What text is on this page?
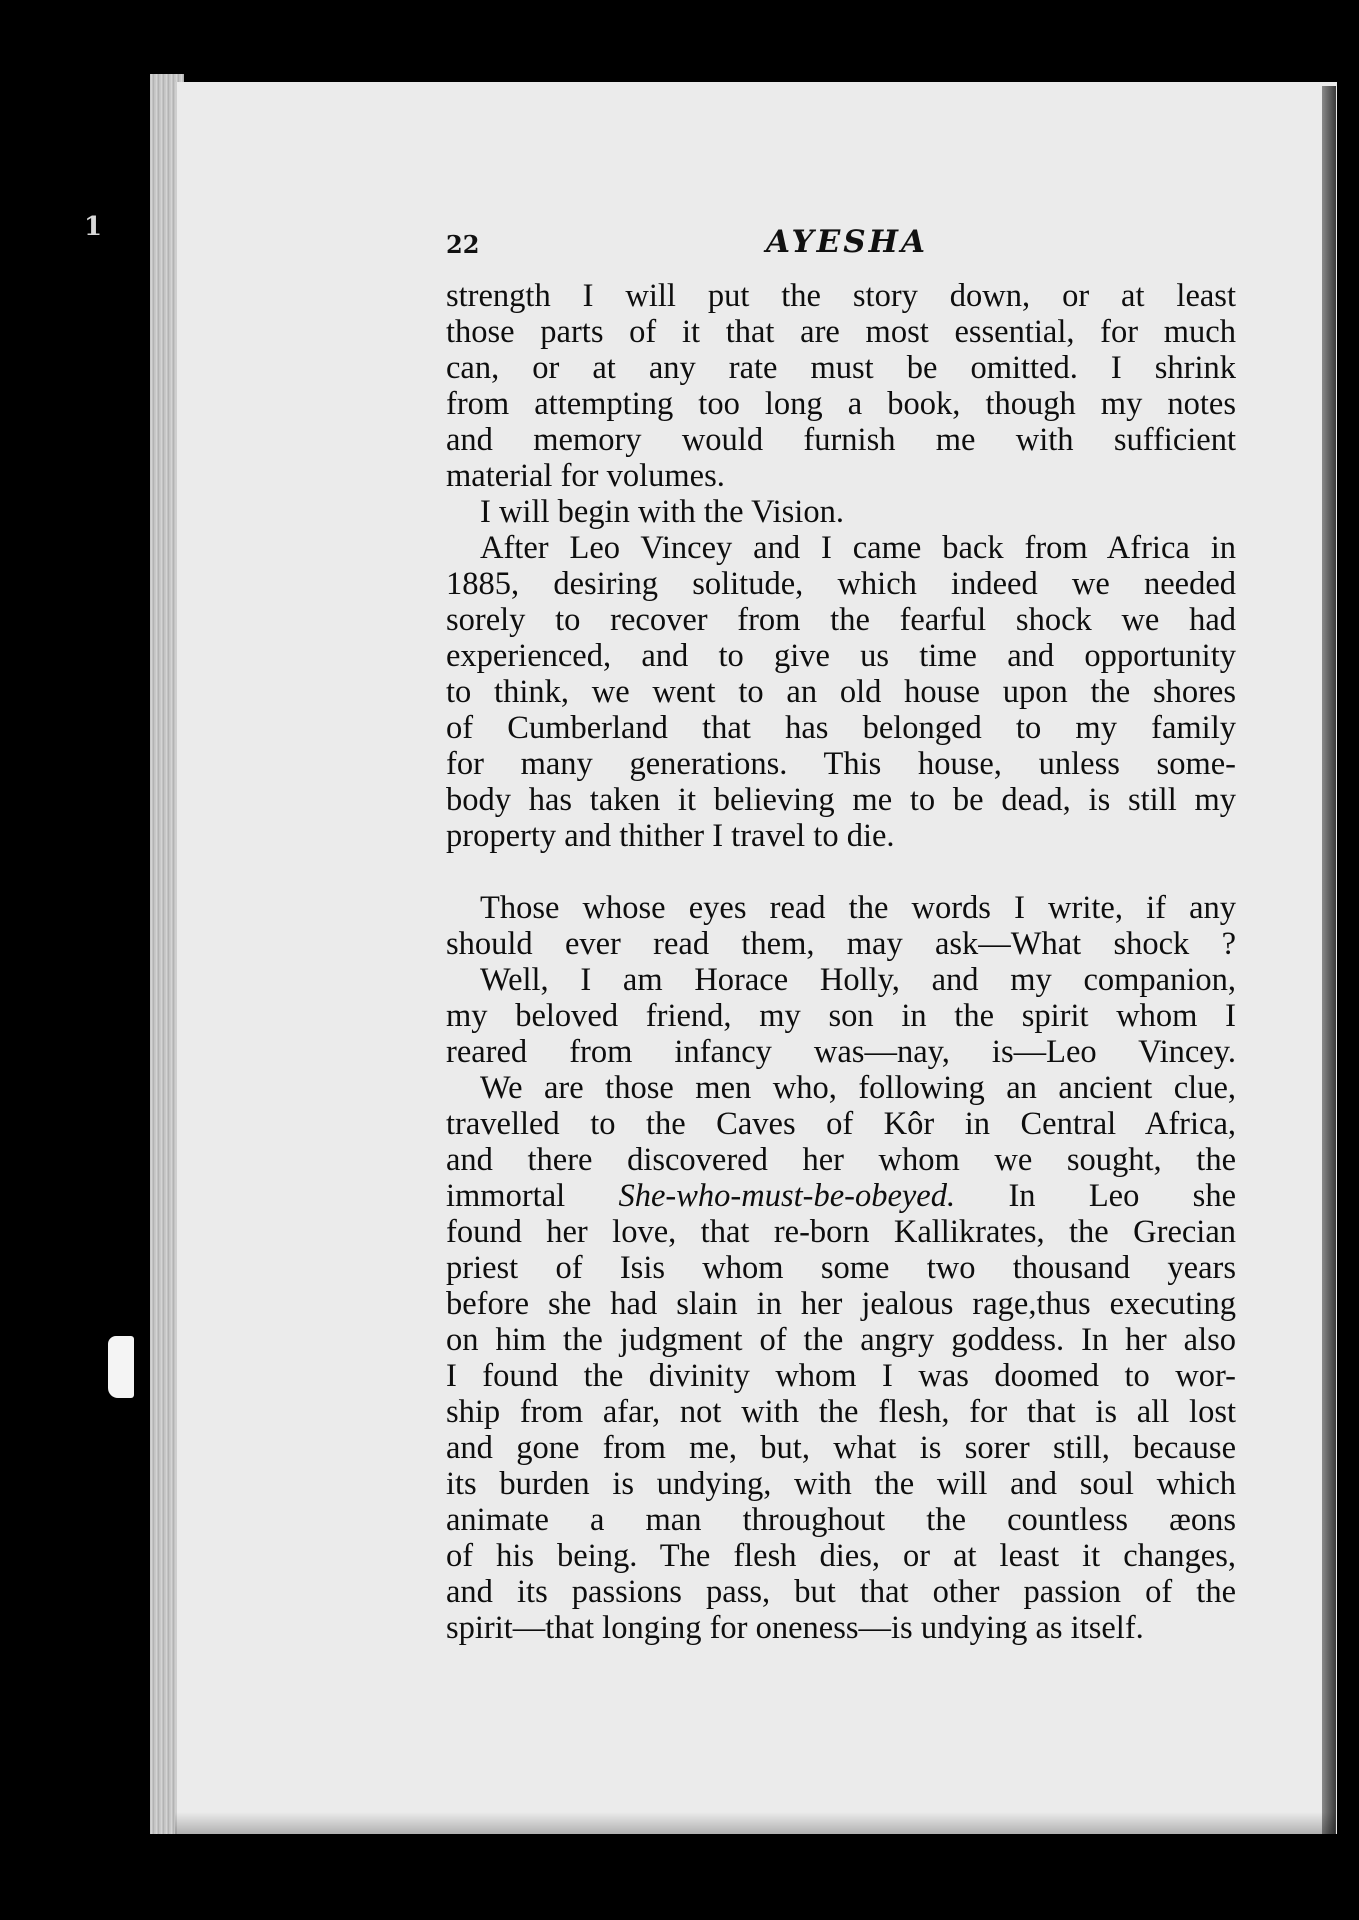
1
22	AYESHA
strength I will put the story down, or at least
those parts of it that are most essential, for much
can, or at any rate must be omitted. I shrink
from attempting too long a book, though my notes
and memory would furnish me with sufficient
material for volumes.
I will begin with the Vision.
After Leo Vincey and I came back from Africa in
1885, desiring solitude, which indeed we needed
sorely to recover from the fearful shock we had
experienced, and to give us time and opportunity
to think, we went to an old house upon the shores
of Cumberland that has belonged to my family
for many generations. This house, unless some-
body has taken it believing me to be dead, is still my
property and thither I travel to die.
Those whose eyes read the words I write, if any
should ever read them, may ask—What shock ?
Well, I am Horace Holly, and my companion,
my beloved friend, my son in the spirit whom I
reared from infancy was—nay, is—Leo Vincey.
We are those men who, following an ancient clue,
travelled to the Caves of Kôr in Central Africa,
and there discovered her whom we sought, the
immortal She-who-must-be-obeyed. In Leo she
found her love, that re-born Kallikrates, the Grecian
priest of Isis whom some two thousand years
before she had slain in her jealous rage,thus executing
on him the judgment of the angry goddess. In her also
I found the divinity whom I was doomed to wor-
ship from afar, not with the flesh, for that is all lost
and gone from me, but, what is sorer still, because
its burden is undying, with the will and soul which
animate a man throughout the countless æons
of his being. The flesh dies, or at least it changes,
and its passions pass, but that other passion of the
spirit—that longing for oneness—is undying as itself.
